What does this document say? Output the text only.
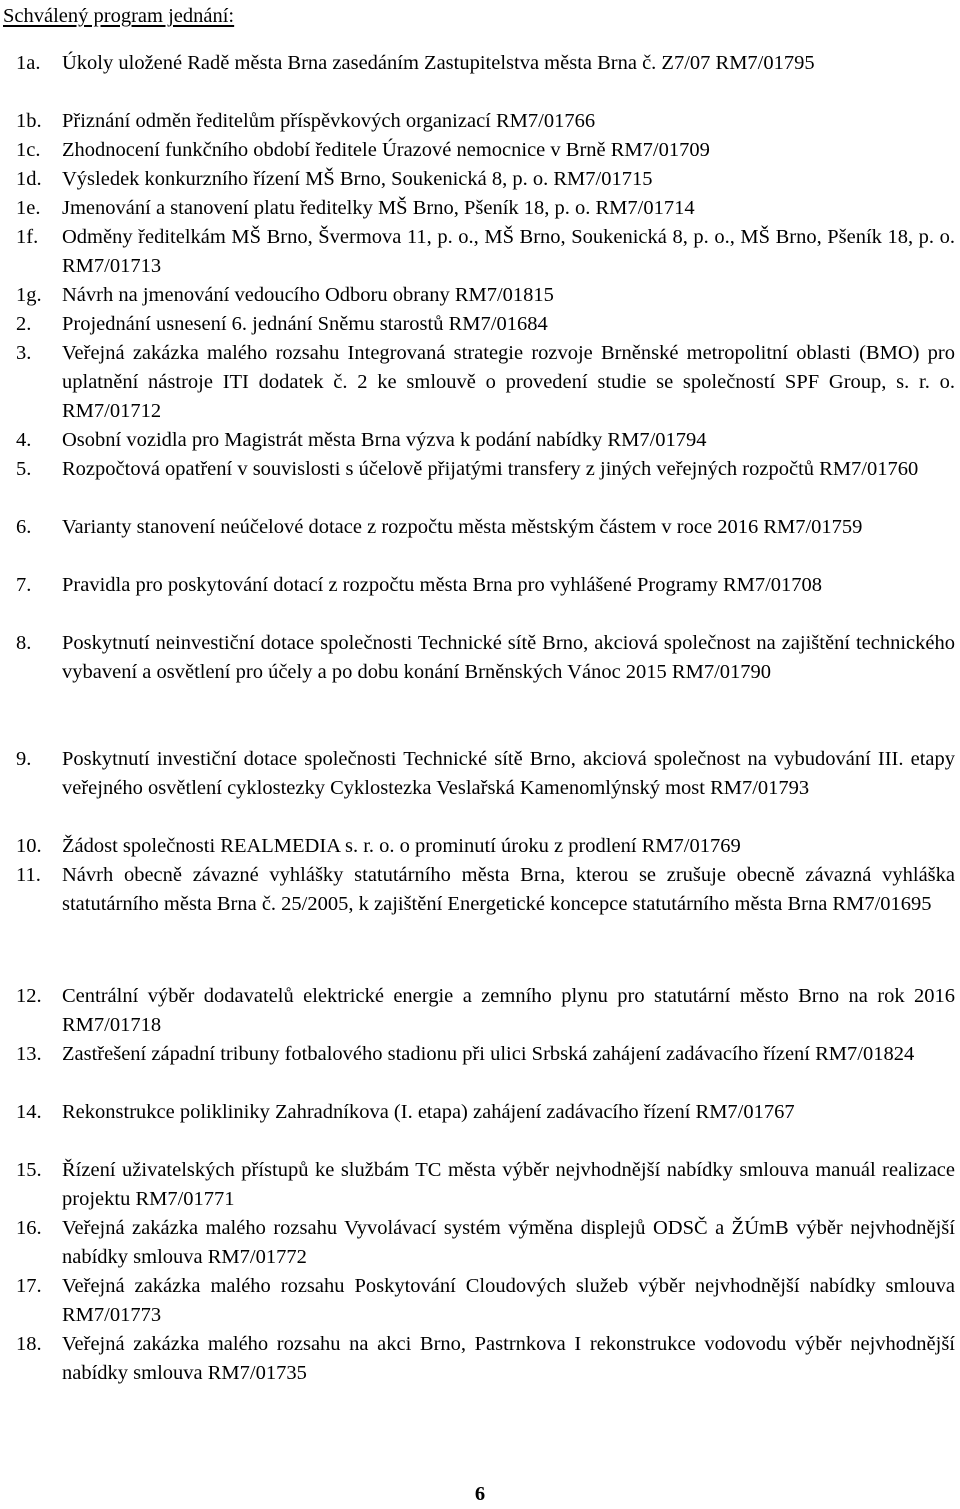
Schválený program jednání:
1a.	Úkoly uložené Radě města Brna zasedáním Zastupitelstva města Brna č. Z7/07 RM7/01795
1b. Přiznání odměn ředitelům příspěvkových organizací RM7/01766
1c.	Zhodnocení funkčního období ředitele Úrazové nemocnice v Brně RM7/01709
1d. Výsledek konkurzního řízení MŠ Brno, Soukenická 8, p. o. RM7/01715
1e.	Jmenování a stanovení platu ředitelky MŠ Brno, Pšeník 18, p. o. RM7/01714
1f.	Odměny ředitelkám MŠ Brno, Švermova 11, p. o., MŠ Brno, Soukenická 8, p. o., MŠ Brno, Pšeník 18, p. o. RM7/01713
1g. Návrh na jmenování vedoucího Odboru obrany RM7/01815
2.	Projednání usnesení 6. jednání Sněmu starostů RM7/01684
3.	Veřejná zakázka malého rozsahu Integrovaná strategie rozvoje Brněnské metropolitní oblasti (BMO) pro uplatnění nástroje ITI dodatek č. 2 ke smlouvě o provedení studie se společností SPF Group, s. r. o. RM7/01712
4.	Osobní vozidla pro Magistrát města Brna výzva k podání nabídky RM7/01794
5.	Rozpočtová opatření v souvislosti s účelově přijatými transfery z jiných veřejných rozpočtů RM7/01760
6.	Varianty stanovení neúčelové dotace z rozpočtu města městským částem v roce 2016 RM7/01759
7.	Pravidla pro poskytování dotací z rozpočtu města Brna pro vyhlášené Programy RM7/01708
8.	Poskytnutí neinvestiční dotace společnosti Technické sítě Brno, akciová společnost na zajištění technického vybavení a osvětlení pro účely a po dobu konání Brněnských Vánoc 2015 RM7/01790
9.	Poskytnutí investiční dotace společnosti Technické sítě Brno, akciová společnost na vybudování III. etapy veřejného osvětlení cyklostezky Cyklostezka Veslařská Kamenomlýnský most RM7/01793
10. Žádost společnosti REALMEDIA s. r. o. o prominutí úroku z prodlení RM7/01769
11.	Návrh obecně závazné vyhlášky statutárního města Brna, kterou se zrušuje obecně závazná vyhláška statutárního města Brna č. 25/2005, k zajištění Energetické koncepce statutárního města Brna RM7/01695
12. Centrální výběr dodavatelů elektrické energie a zemního plynu pro statutární město Brno na rok 2016 RM7/01718
13. Zastřešení západní tribuny fotbalového stadionu při ulici Srbská zahájení zadávacího řízení RM7/01824
14. Rekonstrukce polikliniky Zahradníkova (I. etapa) zahájení zadávacího řízení RM7/01767
15. Řízení uživatelských přístupů ke službám TC města výběr nejvhodnější nabídky smlouva manuál realizace projektu RM7/01771
16. Veřejná zakázka malého rozsahu Vyvolávací systém výměna displejů ODSČ a ŽÚmB výběr nejvhodnější nabídky smlouva RM7/01772
17. Veřejná zakázka malého rozsahu Poskytování Cloudových služeb výběr nejvhodnější nabídky smlouva RM7/01773
18. Veřejná zakázka malého rozsahu na akci Brno, Pastrnkova I rekonstrukce vodovodu výběr nejvhodnější nabídky smlouva RM7/01735
6
